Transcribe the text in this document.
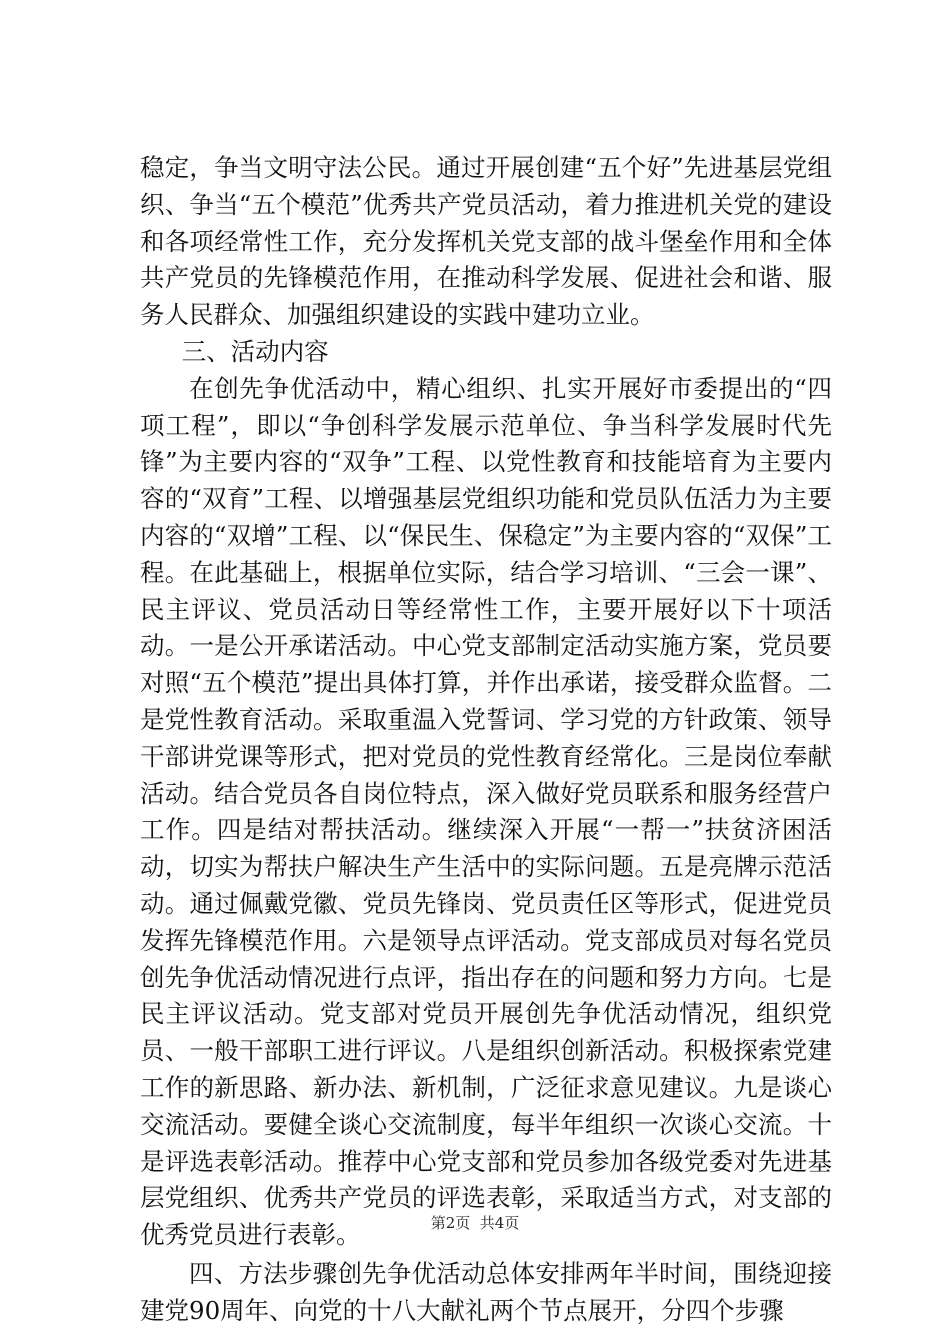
稳定，争当文明守法公民。通过开展创建“五个好”先进基层党组织、争当“五个模范”优秀共产党员活动，着力推进机关党的建设和各项经常性工作，充分发挥机关党支部的战斗堡垒作用和全体共产党员的先锋模范作用，在推动科学发展、促进社会和谐、服务人民群众、加强组织建设的实践中建功立业。

三、活动内容

在创先争优活动中，精心组织、扎实开展好市委提出的“四项工程”，即以“争创科学发展示范单位、争当科学发展时代先锋”为主要内容的“双争”工程、以党性教育和技能培育为主要内容的“双育”工程、以增强基层党组织功能和党员队伍活力为主要内容的“双增”工程、以“保民生、保稳定”为主要内容的“双保”工程。在此基础上，根据单位实际，结合学习培训、“三会一课”、民主评议、党员活动日等经常性工作，主要开展好以下十项活动。一是公开承诺活动。中心党支部制定活动实施方案，党员要对照“五个模范”提出具体打算，并作出承诺，接受群众监督。二是党性教育活动。采取重温入党誓词、学习党的方针政策、领导干部讲党课等形式，把对党员的党性教育经常化。三是岗位奉献活动。结合党员各自岗位特点，深入做好党员联系和服务经营户工作。四是结对帮扶活动。继续深入开展“一帮一”扶贫济困活动，切实为帮扶户解决生产生活中的实际问题。五是亮牌示范活动。通过佩戴党徽、党员先锋岗、党员责任区等形式，促进党员发挥先锋模范作用。六是领导点评活动。党支部成员对每名党员创先争优活动情况进行点评，指出存在的问题和努力方向。七是民主评议活动。党支部对党员开展创先争优活动情况，组织党员、一般干部职工进行评议。八是组织创新活动。积极探索党建工作的新思路、新办法、新机制，广泛征求意见建议。九是谈心交流活动。要健全谈心交流制度，每半年组织一次谈心交流。十是评选表彰活动。推荐中心党支部和党员参加各级党委对先进基层党组织、优秀共产党员的评选表彰，采取适当方式，对支部的优秀党员进行表彰。

四、方法步骤创先争优活动总体安排两年半时间，围绕迎接建党90周年、向党的十八大献礼两个节点展开，分四个步骤

第2页  共4页
